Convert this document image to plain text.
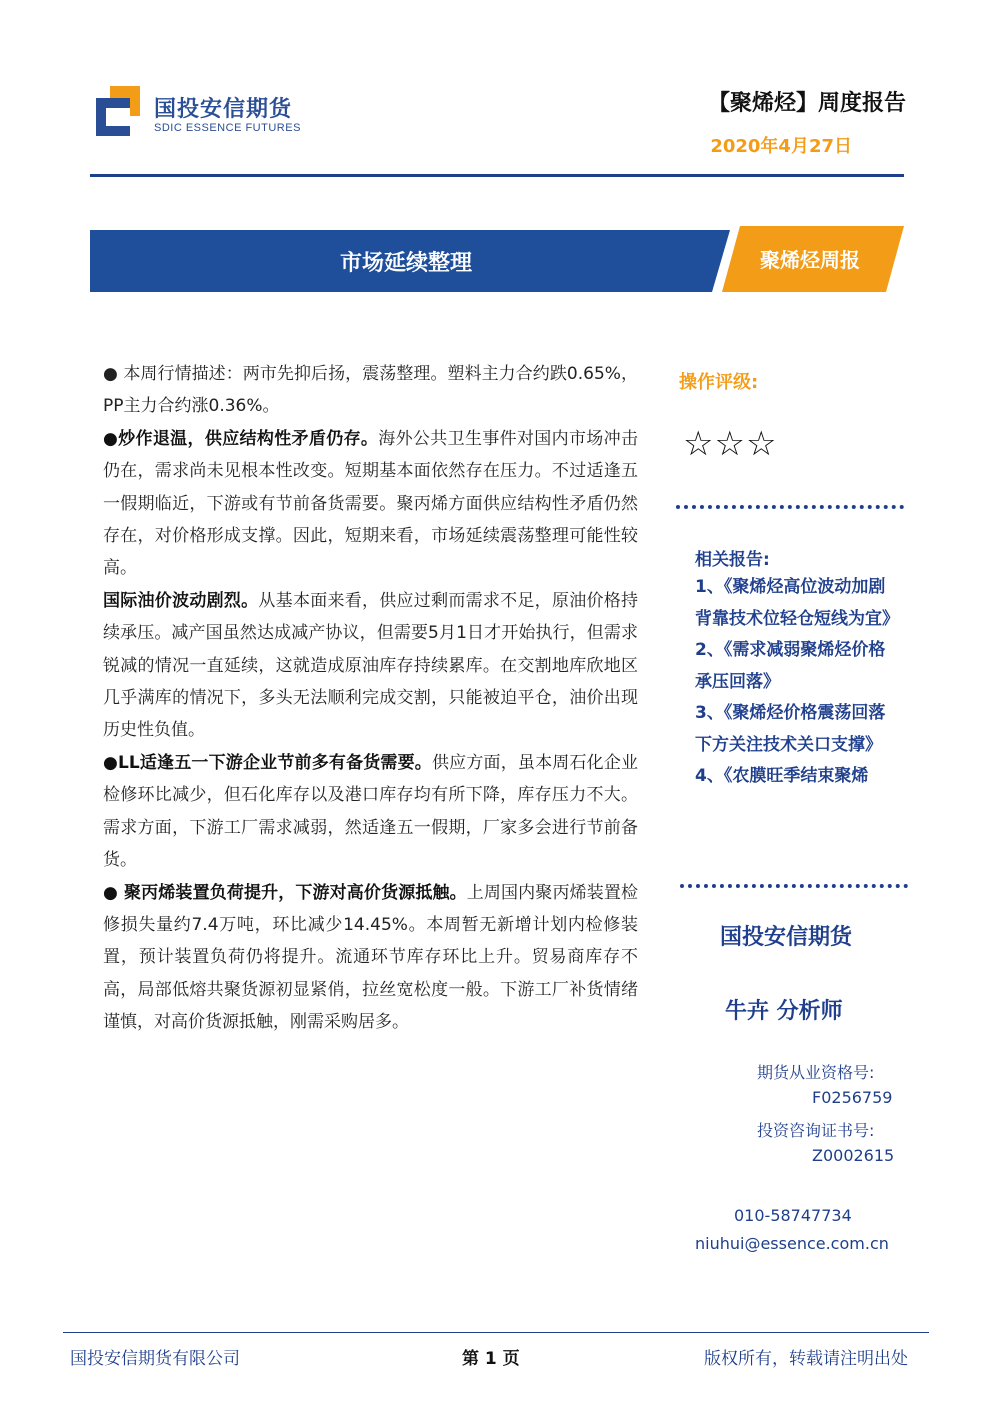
国投安信期货
SDIC ESSENCE FUTURES
【聚烯烃】周度报告
2020年4月27日
市场延续整理	聚烯烃周报

● 本周行情描述：两市先抑后扬，震荡整理。塑料主力合约跌0.65%，PP主力合约涨0.36%。

●炒作退温，供应结构性矛盾仍存。海外公共卫生事件对国内市场冲击仍在，需求尚未见根本性改变。短期基本面依然存在压力。不过适逢五一假期临近，下游或有节前备货需要。聚丙烯方面供应结构性矛盾仍然存在，对价格形成支撑。因此，短期来看，市场延续震荡整理可能性较高。

国际油价波动剧烈。从基本面来看，供应过剩而需求不足，原油价格持续承压。减产国虽然达成减产协议，但需要5月1日才开始执行，但需求锐减的情况一直延续，这就造成原油库存持续累库。在交割地库欣地区几乎满库的情况下，多头无法顺利完成交割，只能被迫平仓，油价出现历史性负值。

●LL适逢五一下游企业节前多有备货需要。供应方面，虽本周石化企业检修环比减少，但石化库存以及港口库存均有所下降，库存压力不大。需求方面，下游工厂需求减弱，然适逢五一假期，厂家多会进行节前备货。

● 聚丙烯装置负荷提升，下游对高价货源抵触。上周国内聚丙烯装置检修损失量约7.4万吨，环比减少14.45%。本周暂无新增计划内检修装置，预计装置负荷仍将提升。流通环节库存环比上升。贸易商库存不高，局部低熔共聚货源初显紧俏，拉丝宽松度一般。下游工厂补货情绪谨慎，对高价货源抵触，刚需采购居多。

操作评级:
☆☆☆
相关报告:
1、《聚烯烃高位波动加剧 背靠技术位轻仓短线为宜》
2、《需求减弱聚烯烃价格承压回落》
3、《聚烯烃价格震荡回落 下方关注技术关口支撑》
4、《农膜旺季结束聚烯
国投安信期货
牛卉 分析师
期货从业资格号:
F0256759
投资咨询证书号:
Z0002615
010-58747734
niuhui@essence.com.cn
国投安信期货有限公司	第 1 页	版权所有，转载请注明出处
